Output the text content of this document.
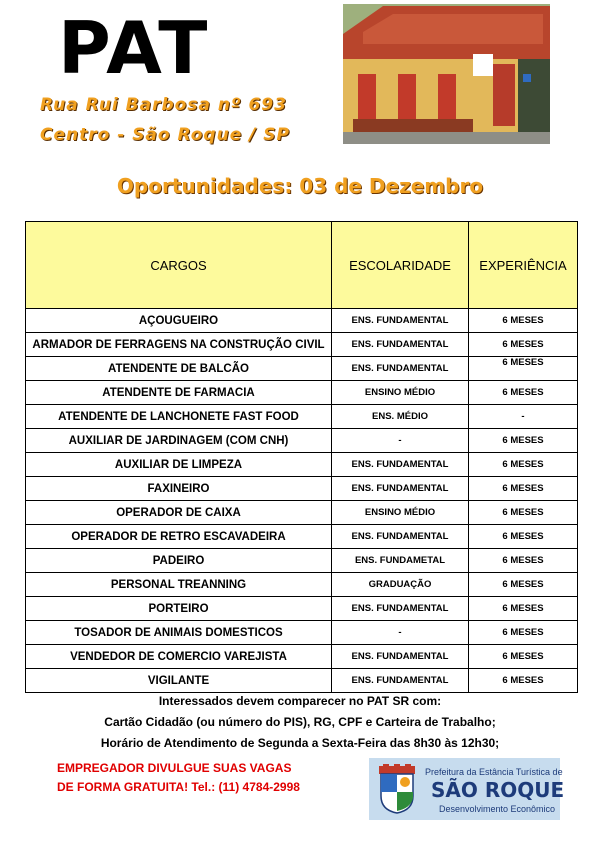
PAT
Rua Rui Barbosa nº 693
Centro - São Roque / SP
Oportunidades: 03 de Dezembro
CARGOS	ESCOLARIDADE	EXPERIÊNCIA
AÇOUGUEIRO	ENS. FUNDAMENTAL	6 MESES
ARMADOR DE FERRAGENS NA CONSTRUÇÃO CIVIL	ENS. FUNDAMENTAL	6 MESES
ATENDENTE DE BALCÃO	ENS. FUNDAMENTAL	6 MESES
ATENDENTE DE FARMACIA	ENSINO MÉDIO	6 MESES
ATENDENTE DE LANCHONETE FAST FOOD	ENS. MÉDIO	-
AUXILIAR DE JARDINAGEM (COM CNH)	-	6 MESES
AUXILIAR DE LIMPEZA	ENS. FUNDAMENTAL	6 MESES
FAXINEIRO	ENS. FUNDAMENTAL	6 MESES
OPERADOR DE CAIXA	ENSINO MÉDIO	6 MESES
OPERADOR DE RETRO ESCAVADEIRA	ENS. FUNDAMENTAL	6 MESES
PADEIRO	ENS. FUNDAMETAL	6 MESES
PERSONAL TREANNING	GRADUAÇÃO	6 MESES
PORTEIRO	ENS. FUNDAMENTAL	6 MESES
TOSADOR DE ANIMAIS DOMESTICOS	-	6 MESES
VENDEDOR DE COMERCIO VAREJISTA	ENS. FUNDAMENTAL	6 MESES
VIGILANTE	ENS. FUNDAMENTAL	6 MESES
Interessados devem comparecer no PAT SR com:
Cartão Cidadão (ou número do PIS), RG, CPF e Carteira de Trabalho;
Horário de Atendimento de Segunda a Sexta-Feira das 8h30 às 12h30;
EMPREGADOR DIVULGUE SUAS VAGAS
DE FORMA GRATUITA! Tel.: (11) 4784-2998
Prefeitura da Estância Turística de
SÃO ROQUE
Desenvolvimento Econômico
